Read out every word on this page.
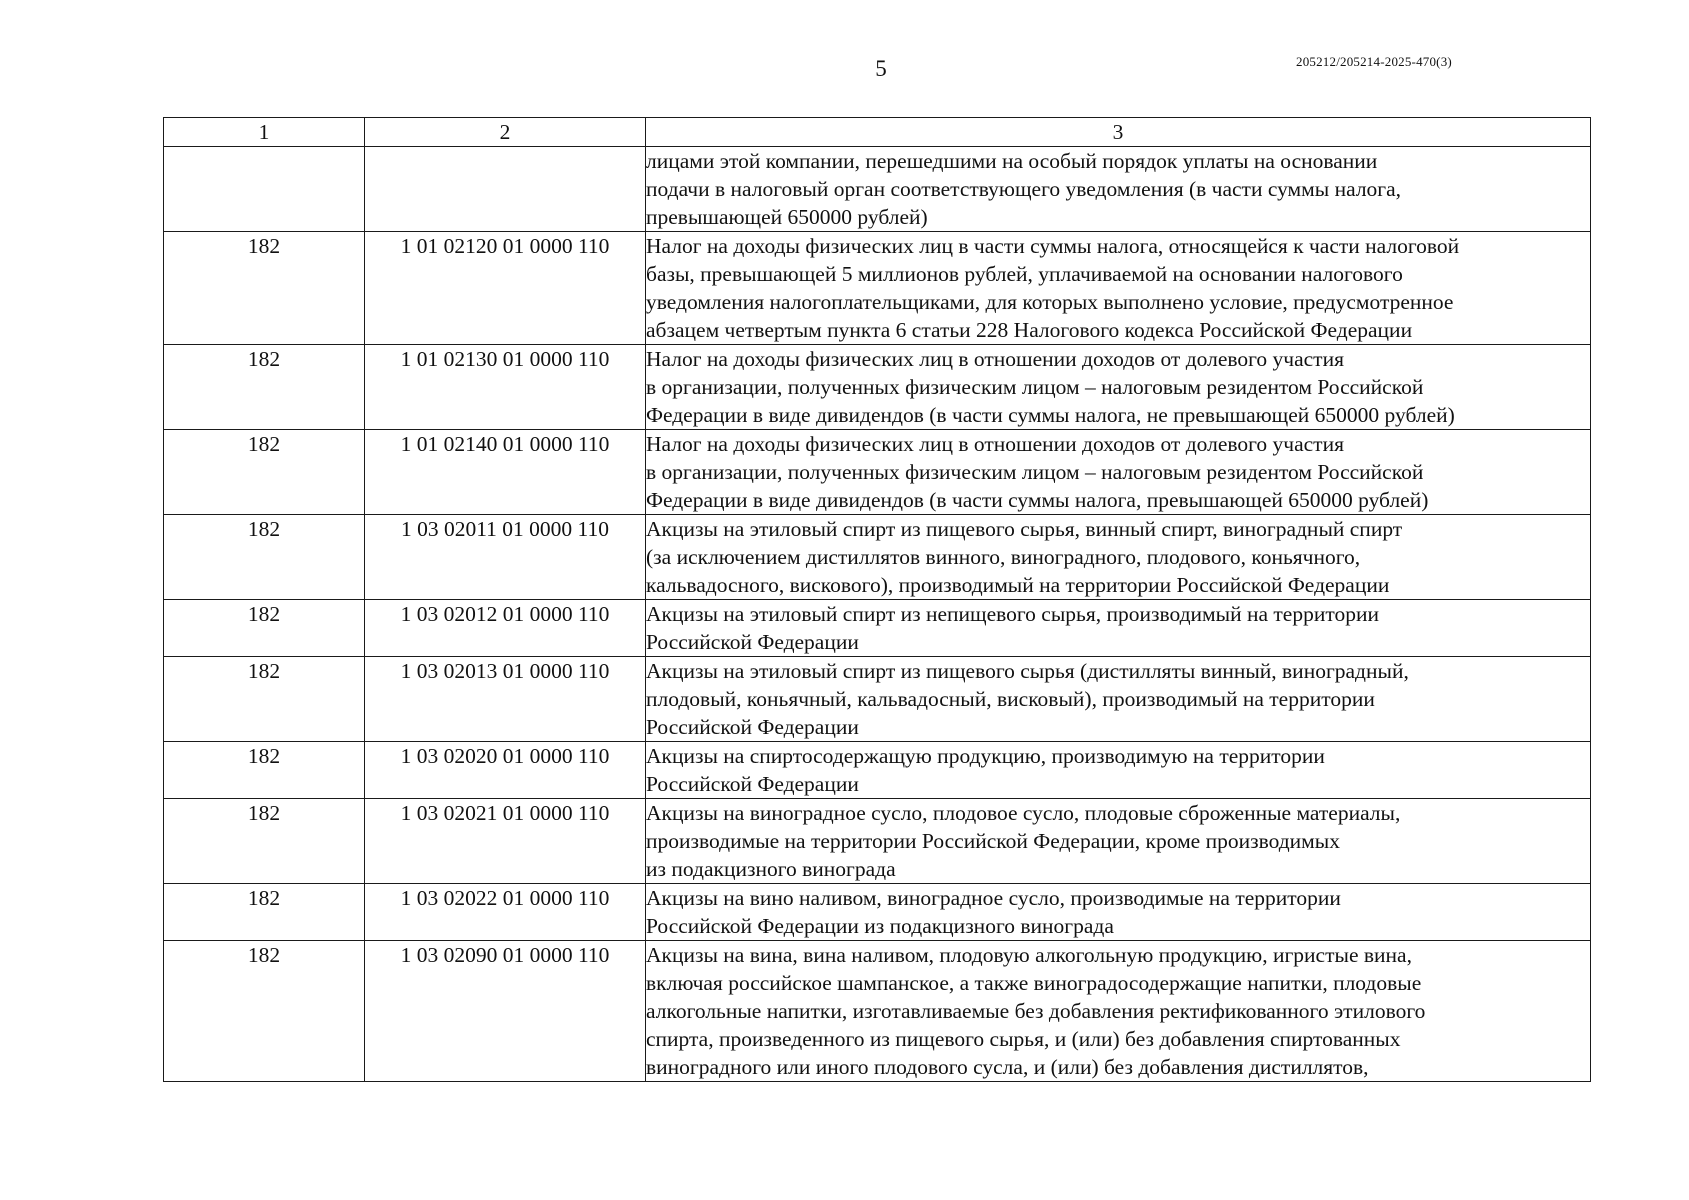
5	205212/205214-2025-470(3)
1	2	3

		лицами этой компании, перешедшими на особый порядок уплаты на основании
подачи в налоговый орган соответствующего уведомления (в части суммы налога,
превышающей 650000 рублей)

182	1 01 02120 01 0000 110	Налог на доходы физических лиц в части суммы налога, относящейся к части налоговой
базы, превышающей 5 миллионов рублей, уплачиваемой на основании налогового
уведомления налогоплательщиками, для которых выполнено условие, предусмотренное
абзацем четвертым пункта 6 статьи 228 Налогового кодекса Российской Федерации

182	1 01 02130 01 0000 110	Налог на доходы физических лиц в отношении доходов от долевого участия
в организации, полученных физическим лицом – налоговым резидентом Российской
Федерации в виде дивидендов (в части суммы налога, не превышающей 650000 рублей)

182	1 01 02140 01 0000 110	Налог на доходы физических лиц в отношении доходов от долевого участия
в организации, полученных физическим лицом – налоговым резидентом Российской
Федерации в виде дивидендов (в части суммы налога, превышающей 650000 рублей)

182	1 03 02011 01 0000 110	Акцизы на этиловый спирт из пищевого сырья, винный спирт, виноградный спирт
(за исключением дистиллятов винного, виноградного, плодового, коньячного,
кальвадосного, вискового), производимый на территории Российской Федерации

182	1 03 02012 01 0000 110	Акцизы на этиловый спирт из непищевого сырья, производимый на территории
Российской Федерации

182	1 03 02013 01 0000 110	Акцизы на этиловый спирт из пищевого сырья (дистилляты винный, виноградный,
плодовый, коньячный, кальвадосный, висковый), производимый на территории
Российской Федерации

182	1 03 02020 01 0000 110	Акцизы на спиртосодержащую продукцию, производимую на территории
Российской Федерации

182	1 03 02021 01 0000 110	Акцизы на виноградное сусло, плодовое сусло, плодовые сброженные материалы,
производимые на территории Российской Федерации, кроме производимых
из подакцизного винограда

182	1 03 02022 01 0000 110	Акцизы на вино наливом, виноградное сусло, производимые на территории
Российской Федерации из подакцизного винограда

182	1 03 02090 01 0000 110	Акцизы на вина, вина наливом, плодовую алкогольную продукцию, игристые вина,
включая российское шампанское, а также виноградосодержащие напитки, плодовые
алкогольные напитки, изготавливаемые без добавления ректификованного этилового
спирта, произведенного из пищевого сырья, и (или) без добавления спиртованных
виноградного или иного плодового сусла, и (или) без добавления дистиллятов,
